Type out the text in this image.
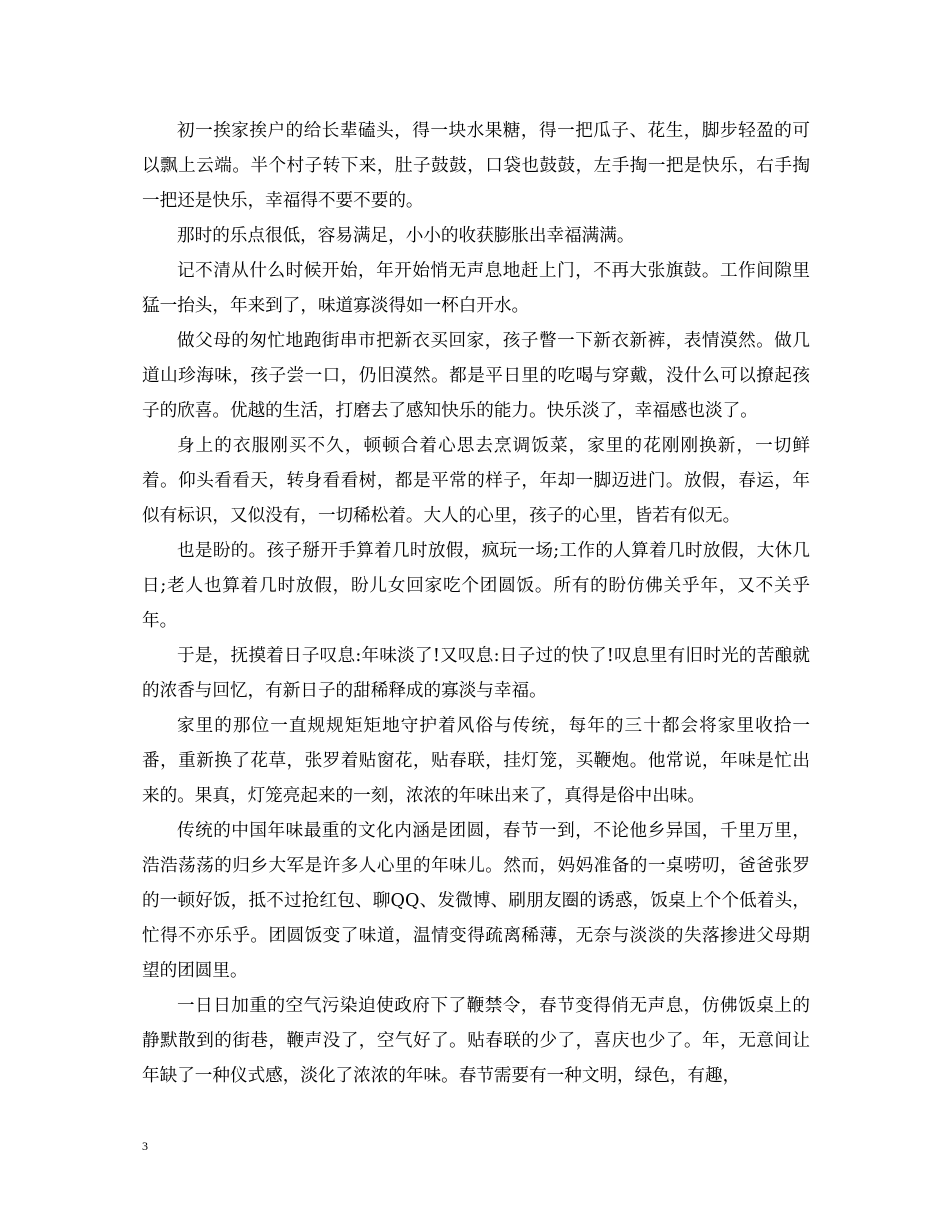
初一挨家挨户的给长辈磕头，得一块水果糖，得一把瓜子、花生，脚步轻盈的可以飘上云端。半个村子转下来，肚子鼓鼓，口袋也鼓鼓，左手掏一把是快乐，右手掏一把还是快乐，幸福得不要不要的。

那时的乐点很低，容易满足，小小的收获膨胀出幸福满满。

记不清从什么时候开始，年开始悄无声息地赶上门，不再大张旗鼓。工作间隙里猛一抬头，年来到了，味道寡淡得如一杯白开水。

做父母的匆忙地跑街串市把新衣买回家，孩子瞥一下新衣新裤，表情漠然。做几道山珍海味，孩子尝一口，仍旧漠然。都是平日里的吃喝与穿戴，没什么可以撩起孩子的欣喜。优越的生活，打磨去了感知快乐的能力。快乐淡了，幸福感也淡了。

身上的衣服刚买不久，顿顿合着心思去烹调饭菜，家里的花刚刚换新，一切鲜着。仰头看看天，转身看看树，都是平常的样子，年却一脚迈进门。放假，春运，年似有标识，又似没有，一切稀松着。大人的心里，孩子的心里，皆若有似无。

也是盼的。孩子掰开手算着几时放假，疯玩一场;工作的人算着几时放假，大休几日;老人也算着几时放假，盼儿女回家吃个团圆饭。所有的盼仿佛关乎年，又不关乎年。

于是，抚摸着日子叹息:年味淡了!又叹息:日子过的快了!叹息里有旧时光的苦酿就的浓香与回忆，有新日子的甜稀释成的寡淡与幸福。

家里的那位一直规规矩矩地守护着风俗与传统，每年的三十都会将家里收拾一番，重新换了花草，张罗着贴窗花，贴春联，挂灯笼，买鞭炮。他常说，年味是忙出来的。果真，灯笼亮起来的一刻，浓浓的年味出来了，真得是俗中出味。

传统的中国年味最重的文化内涵是团圆，春节一到，不论他乡异国，千里万里，浩浩荡荡的归乡大军是许多人心里的年味儿。然而，妈妈准备的一桌唠叨，爸爸张罗的一顿好饭，抵不过抢红包、聊QQ、发微博、刷朋友圈的诱惑，饭桌上个个低着头，忙得不亦乐乎。团圆饭变了味道，温情变得疏离稀薄，无奈与淡淡的失落掺进父母期望的团圆里。

一日日加重的空气污染迫使政府下了鞭禁令，春节变得俏无声息，仿佛饭桌上的静默散到的街巷，鞭声没了，空气好了。贴春联的少了，喜庆也少了。年，无意间让年缺了一种仪式感，淡化了浓浓的年味。春节需要有一种文明，绿色，有趣，

3
